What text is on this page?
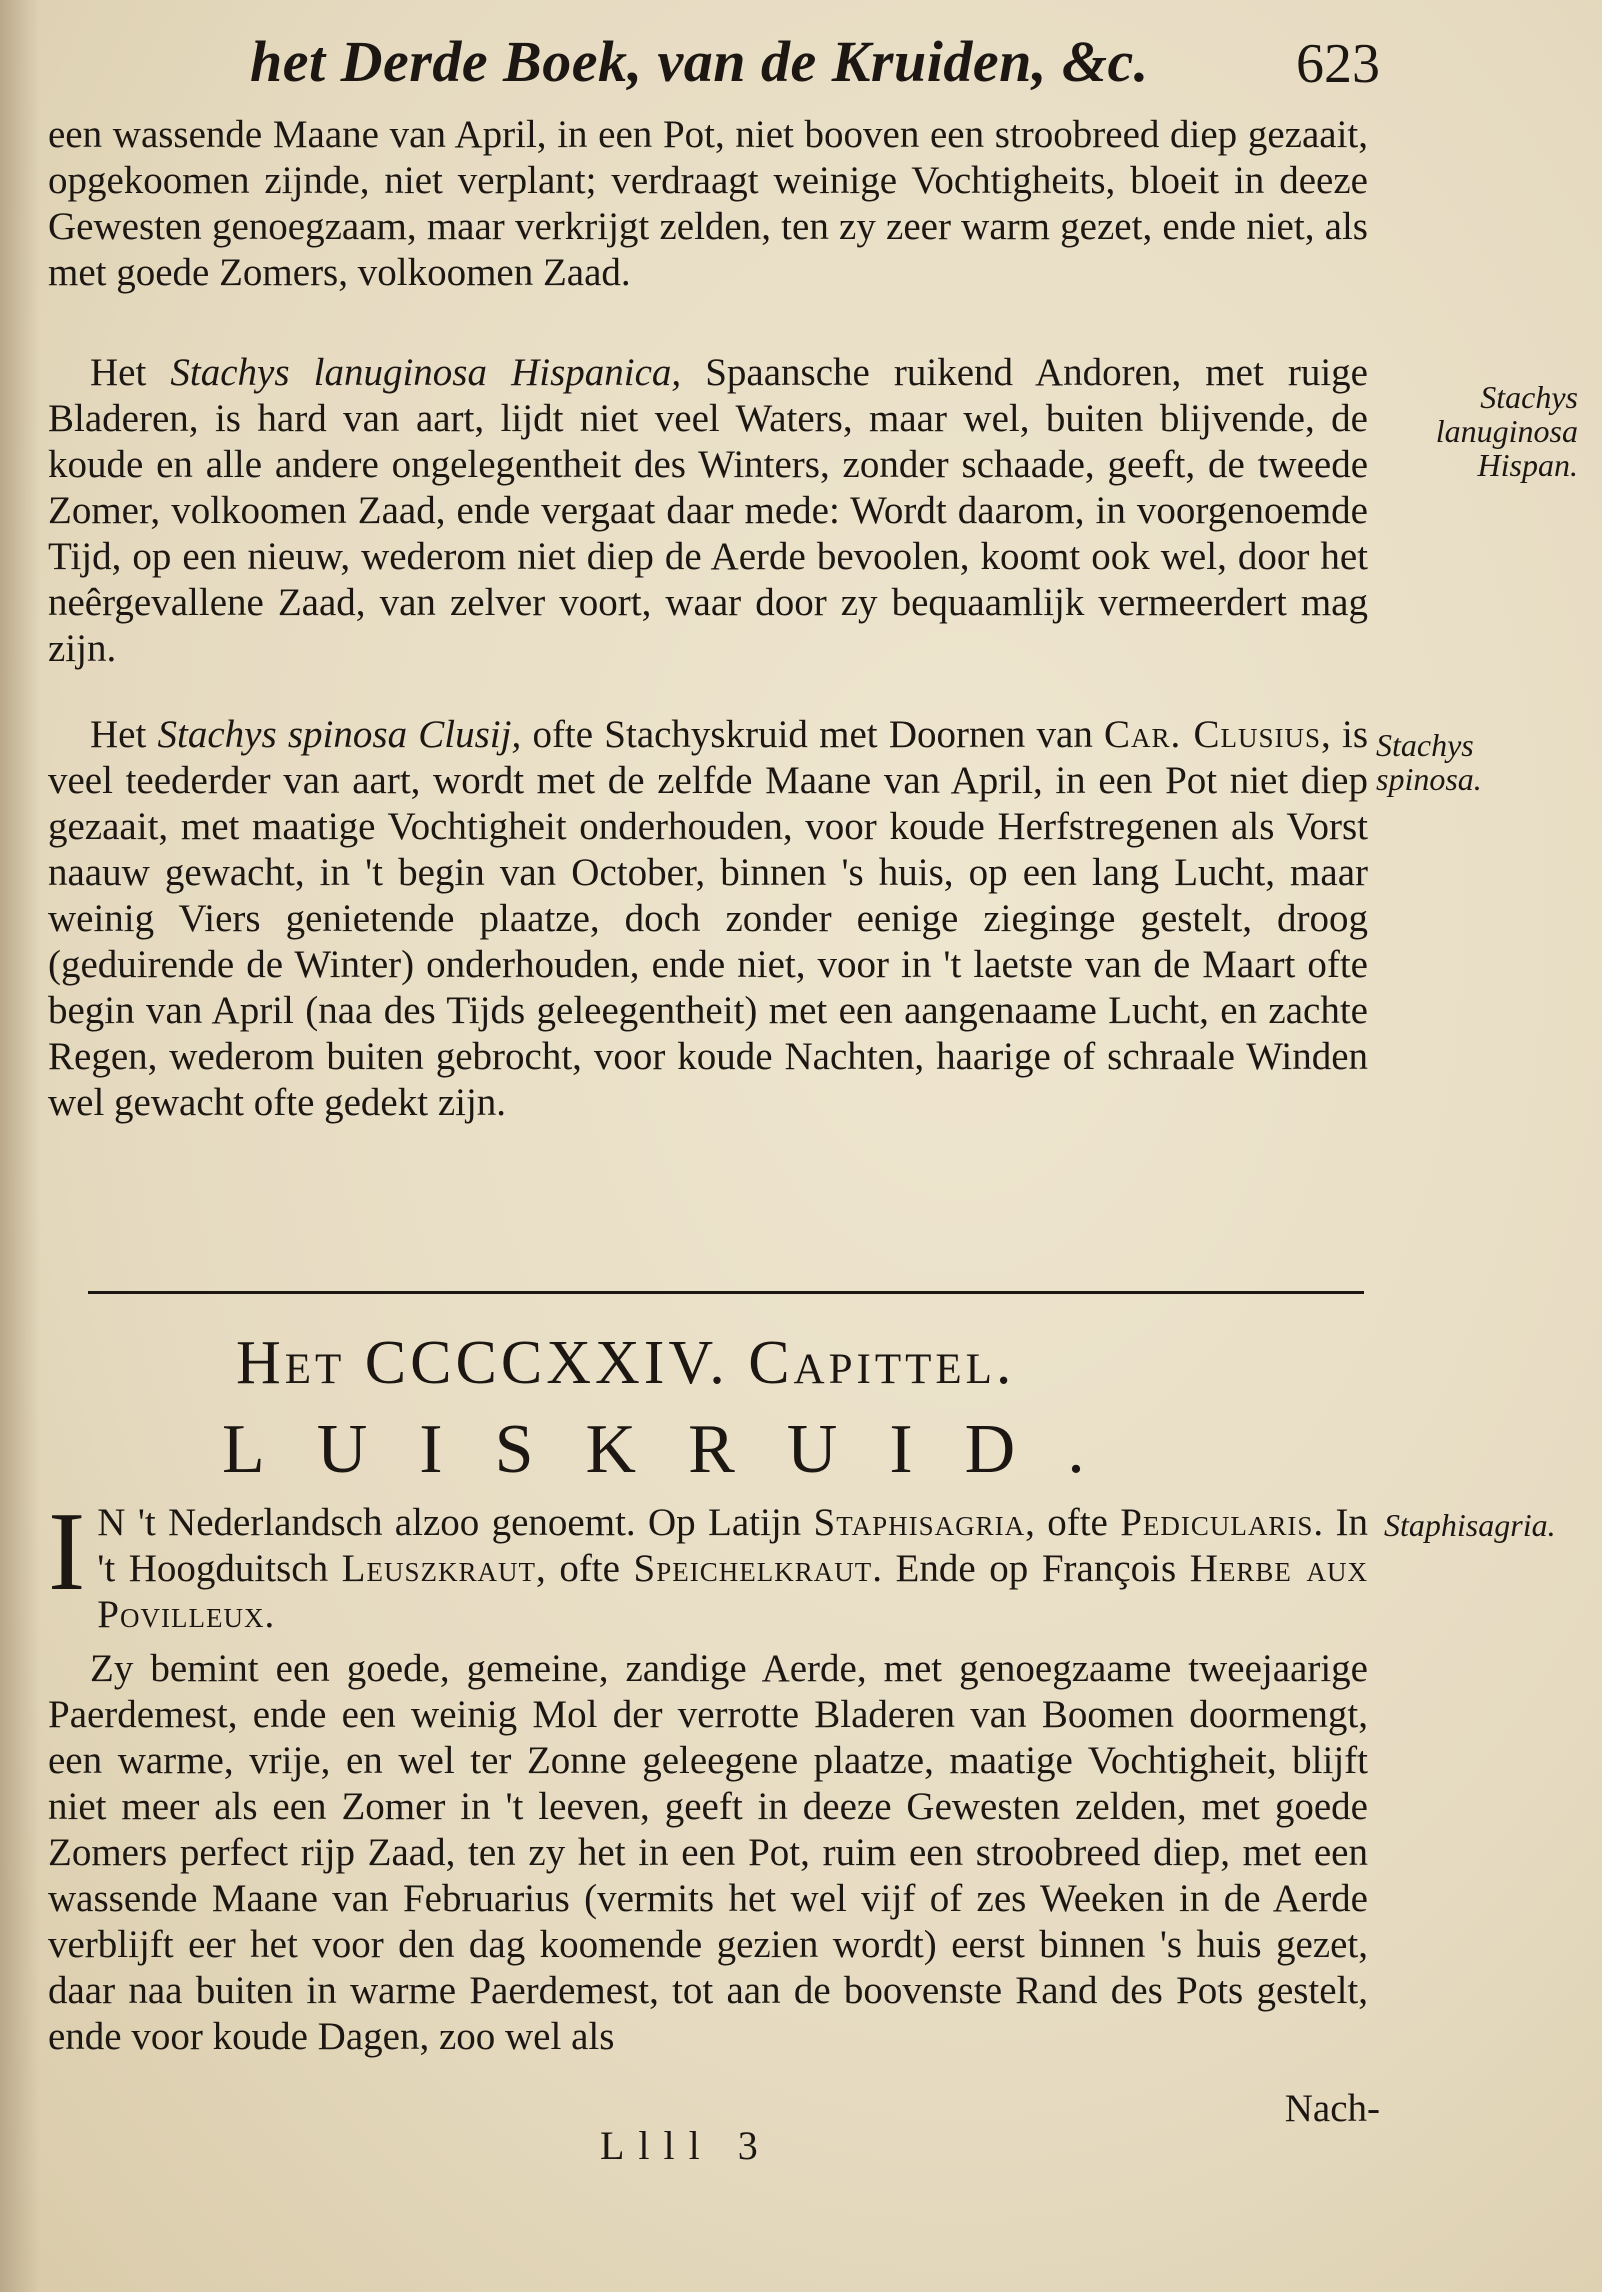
het Derde Boek, van de Kruiden, &c.	623

een wassende Maane van April, in een Pot, niet booven een stroobreed diep gezaait, opgekoomen zijnde, niet verplant; verdraagt weinige Vochtigheits, bloeit in deeze Gewesten genoegzaam, maar verkrijgt zelden, ten zy zeer warm gezet, ende niet, als met goede Zomers, volkoomen Zaad.

Het Stachys lanuginosa Hispanica, Spaansche ruikend Andoren, met ruige Bladeren, is hard van aart, lijdt niet veel Waters, maar wel, buiten blijvende, de koude en alle andere ongelegentheit des Winters, zonder schaade, geeft, de tweede Zomer, volkoomen Zaad, ende vergaat daar mede: Wordt daarom, in voorgenoemde Tijd, op een nieuw, wederom niet diep de Aerde bevoolen, koomt ook wel, door het neêrgevallene Zaad, van zelver voort, waar door zy bequaamlijk vermeerdert mag zijn.

Het Stachys spinosa Clusij, ofte Stachyskruid met Doornen van Car. Clusius, is veel teederder van aart, wordt met de zelfde Maane van April, in een Pot niet diep gezaait, met maatige Vochtigheit onderhouden, voor koude Herfstregenen als Vorst naauw gewacht, in 't begin van October, binnen 's huis, op een lang Lucht, maar weinig Viers genietende plaatze, doch zonder eenige zieginge gestelt, droog (geduirende de Winter) onderhouden, ende niet, voor in 't laetste van de Maart ofte begin van April (naa des Tijds geleegentheit) met een aangenaame Lucht, en zachte Regen, wederom buiten gebrocht, voor koude Nachten, haarige of schraale Winden wel gewacht ofte gedekt zijn.

Het CCCCXXIV. Capittel.
LUISKRUID.

I N 't Nederlandsch alzoo genoemt. Op Latijn Staphisagria, ofte Pedicularis. In 't Hoogduitsch Leuszkraut, ofte Speichelkraut. Ende op François Herbe aux Povilleux.

Zy bemint een goede, gemeine, zandige Aerde, met genoegzaame tweejaarige Paerdemest, ende een weinig Mol der verrotte Bladeren van Boomen doormengt, een warme, vrije, en wel ter Zonne geleegene plaatze, maatige Vochtigheit, blijft niet meer als een Zomer in 't leeven, geeft in deeze Gewesten zelden, met goede Zomers perfect rijp Zaad, ten zy het in een Pot, ruim een stroobreed diep, met een wassende Maane van Februarius (vermits het wel vijf of zes Weeken in de Aerde verblijft eer het voor den dag koomende gezien wordt) eerst binnen 's huis gezet, daar naa buiten in warme Paerdemest, tot aan de boovenste Rand des Pots gestelt, ende voor koude Dagen, zoo wel als

Nach-
Llll 3
Stachys lanuginosa Hispan.
Stachys spinosa.
Staphisagria.
